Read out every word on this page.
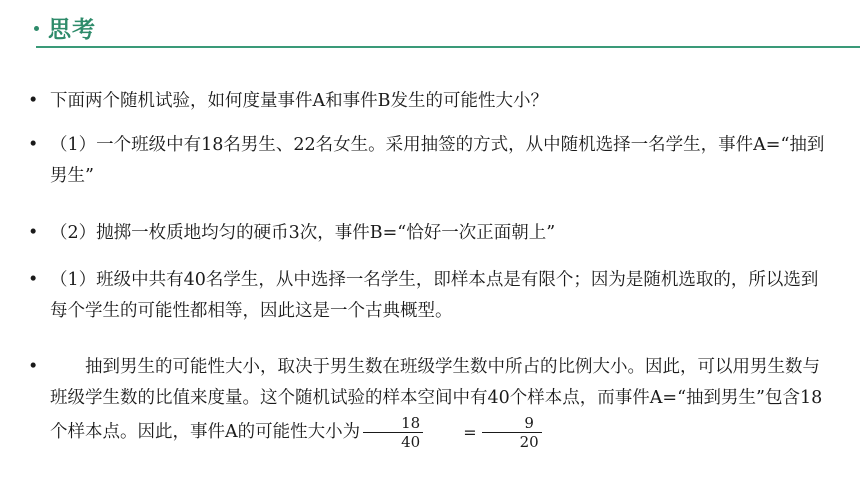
思考
• 下面两个随机试验，如何度量事件A和事件B发生的可能性大小？
• （1）一个班级中有18名男生、22名女生。采用抽签的方式，从中随机选择一名学生，事件A=“抽到男生”
• （2）抛掷一枚质地均匀的硬币3次，事件B=“恰好一次正面朝上”
• （1）班级中共有40名学生，从中选择一名学生，即样本点是有限个；因为是随机选取的，所以选到每个学生的可能性都相等，因此这是一个古典概型。
•	抽到男生的可能性大小，取决于男生数在班级学生数中所占的比例大小。因此，可以用男生数与班级学生数的比值来度量。这个随机试验的样本空间中有40个样本点，而事件A=“抽到男生”包含18个样本点。因此，事件A的可能性大小为 $\frac{18}{40}$	= $\frac{9}{20}$
